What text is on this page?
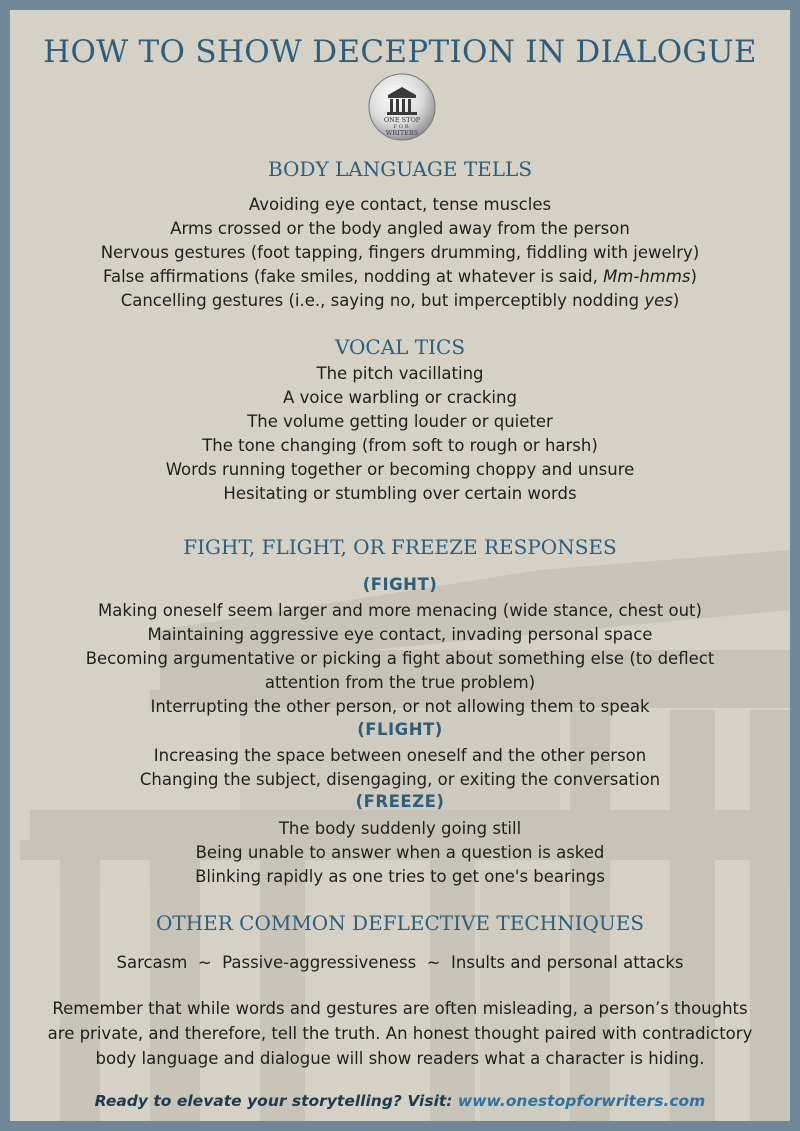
HOW TO SHOW DECEPTION IN DIALOGUE
ONE STOP
FOR
WRITERS
BODY LANGUAGE TELLS
Avoiding eye contact, tense muscles
Arms crossed or the body angled away from the person
Nervous gestures (foot tapping, fingers drumming, fiddling with jewelry)
False affirmations (fake smiles, nodding at whatever is said, Mm-hmms)
Cancelling gestures (i.e., saying no, but imperceptibly nodding yes)
VOCAL TICS
The pitch vacillating
A voice warbling or cracking
The volume getting louder or quieter
The tone changing (from soft to rough or harsh)
Words running together or becoming choppy and unsure
Hesitating or stumbling over certain words
FIGHT, FLIGHT, OR FREEZE RESPONSES
(FIGHT)
Making oneself seem larger and more menacing (wide stance, chest out)
Maintaining aggressive eye contact, invading personal space
Becoming argumentative or picking a fight about something else (to deflect
attention from the true problem)
Interrupting the other person, or not allowing them to speak
(FLIGHT)
Increasing the space between oneself and the other person
Changing the subject, disengaging, or exiting the conversation
(FREEZE)
The body suddenly going still
Being unable to answer when a question is asked
Blinking rapidly as one tries to get one's bearings
OTHER COMMON DEFLECTIVE TECHNIQUES
Sarcasm  ~  Passive-aggressiveness  ~  Insults and personal attacks
Remember that while words and gestures are often misleading, a person’s thoughts
are private, and therefore, tell the truth. An honest thought paired with contradictory
body language and dialogue will show readers what a character is hiding.
Ready to elevate your storytelling? Visit: www.onestopforwriters.com
